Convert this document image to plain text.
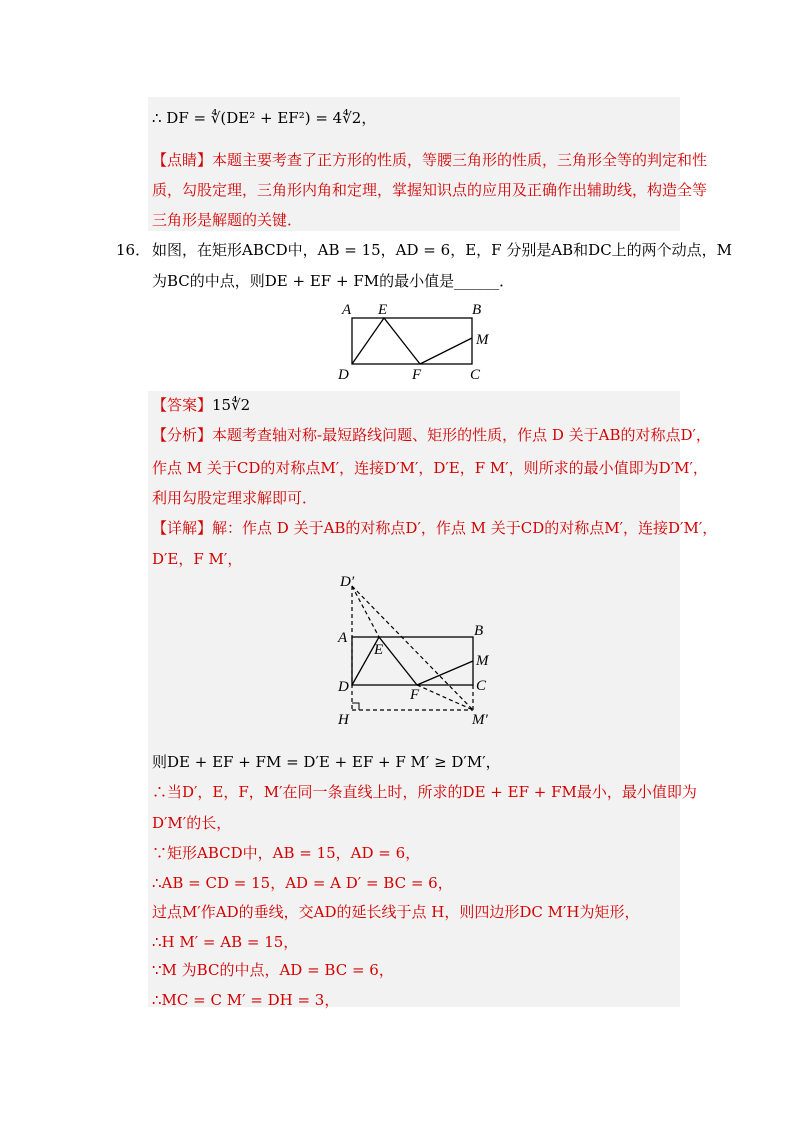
∴ DF = ∜(DE² + EF²) = 4∜2，
【点睛】本题主要考查了正方形的性质，等腰三角形的性质，三角形全等的判定和性
质，勾股定理，三角形内角和定理，掌握知识点的应用及正确作出辅助线，构造全等
三角形是解题的关键．
16． 如图，在矩形ABCD中，AB = 15，AD = 6，E，F 分别是AB和DC上的两个动点，M
为BC的中点，则DE + EF + FM的最小值是______．
A E	B
M
D	F	C
【答案】15∜2
【分析】本题考查轴对称-最短路线问题、矩形的性质，作点 D 关于AB的对称点D′，
作点 M 关于CD的对称点M′，连接D′M′，D′E，F M′，则所求的最小值即为D′M′，
利用勾股定理求解即可．
【详解】解：作点 D 关于AB的对称点D′，作点 M 关于CD的对称点M′，连接D′M′，
D′E，F M′，
D′
A	B
E
M
D	F
C
H	M′
则DE + EF + FM = D′E + EF + F M′ ≥ D′M′，
∴当D′，E，F，M′在同一条直线上时，所求的DE + EF + FM最小，最小值即为
D′M′的长，
∵矩形ABCD中，AB = 15，AD = 6，
∴AB = CD = 15，AD = A D′ = BC = 6，
过点M′作AD的垂线，交AD的延长线于点 H，则四边形DC M′H为矩形，
∴H M′ = AB = 15，
∵M 为BC的中点，AD = BC = 6，
∴MC = C M′ = DH = 3，
